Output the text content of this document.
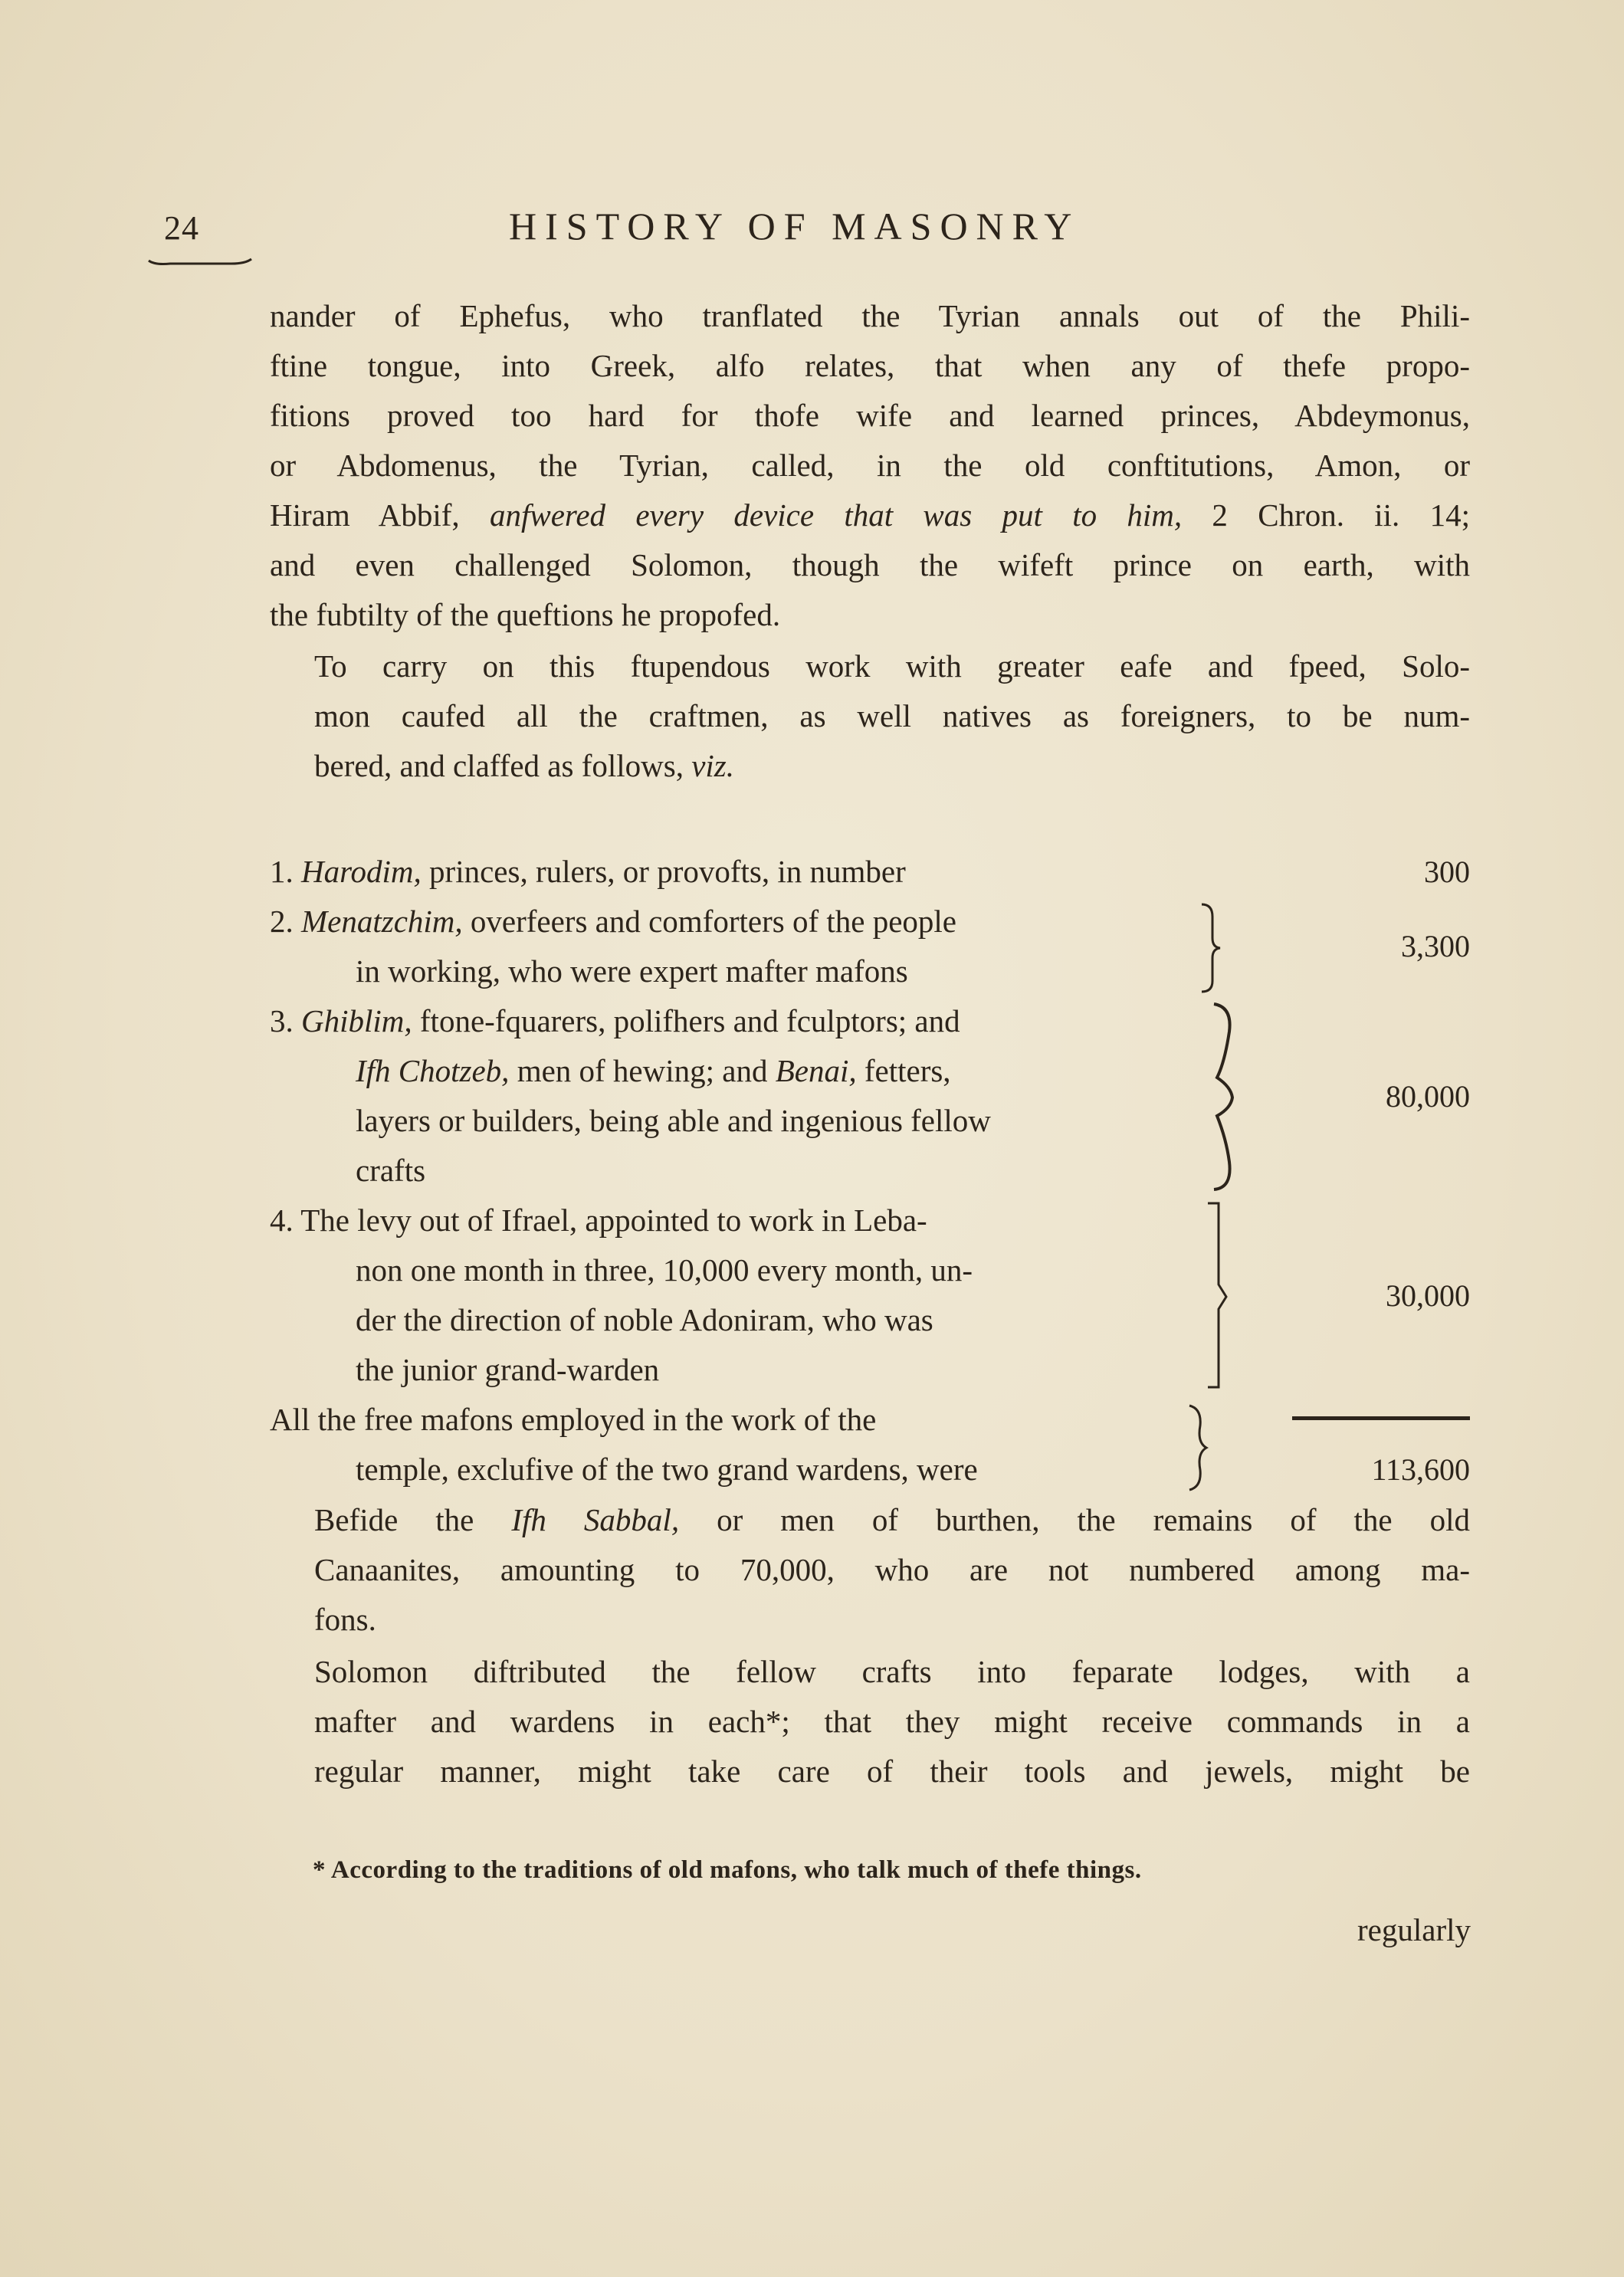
24	HISTORY OF MASONRY
nander of Ephefus, who tranflated the Tyrian annals out of the Phili-
ftine tongue, into Greek, alfo relates, that when any of thefe propo-
fitions proved too hard for thofe wife and learned princes, Abdeymonus,
or Abdomenus, the Tyrian, called, in the old conftitutions, Amon, or
Hiram Abbif, anfwered every device that was put to him, 2 Chron. ii. 14;
and even challenged Solomon, though the wifeft prince on earth, with
the fubtilty of the queftions he propofed.
To carry on this ftupendous work with greater eafe and fpeed, Solo-
mon caufed all the craftmen, as well natives as foreigners, to be num-
bered, and claffed as follows, viz.
1. Harodim, princes, rulers, or provofts, in number	300
2. Menatzchim, overfeers and comforters of the people
in working, who were expert mafter mafons
3,300
3. Ghiblim, ftone-fquarers, polifhers and fculptors; and
Ifh Chotzeb, men of hewing; and Benai, fetters,
layers or builders, being able and ingenious fellow
crafts
80,000
4. The levy out of Ifrael, appointed to work in Leba-
non one month in three, 10,000 every month, un-
der the direction of noble Adoniram, who was
the junior grand-warden
30,000
All the free mafons employed in the work of the
temple, exclufive of the two grand wardens, were	113,600
Befide the Ifh Sabbal, or men of burthen, the remains of the old
Canaanites, amounting to 70,000, who are not numbered among ma-
fons.
Solomon diftributed the fellow crafts into feparate lodges, with a
mafter and wardens in each*; that they might receive commands in a
regular manner, might take care of their tools and jewels, might be
* According to the traditions of old mafons, who talk much of thefe things.
regularly
